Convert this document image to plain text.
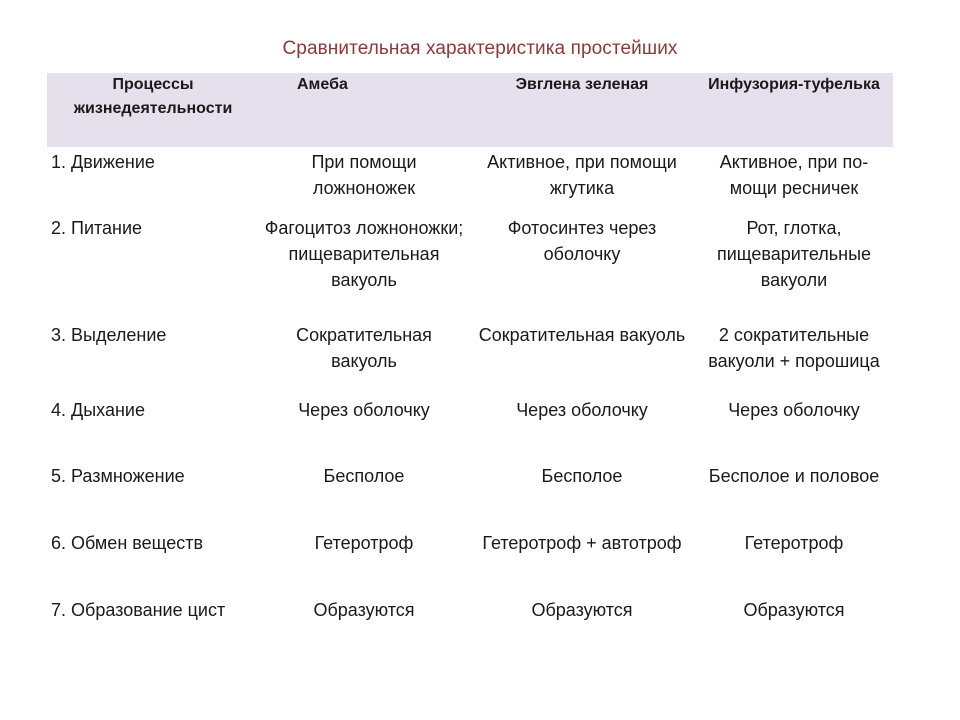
Сравнительная характеристика простейших
Процессы жизнедеятельности	Амеба	Эвглена зеленая	Инфузория-туфелька
1. Движение	При помощи ложноножек	Активное, при помощи жгутика	Активное, при по-мощи ресничек
2. Питание	Фагоцитоз ложноножки; пищеварительная вакуоль	Фотосинтез через оболочку	Рот, глотка, пищеварительные вакуоли
3. Выделение	Сократительная вакуоль	Сократительная вакуоль	2 сократительные вакуоли + порошица
4. Дыхание	Через оболочку	Через оболочку	Через оболочку
5. Размножение	Бесполое	Бесполое	Бесполое и половое
6. Обмен веществ	Гетеротроф	Гетеротроф + автотроф	Гетеротроф
7. Образование цист	Образуются	Образуются	Образуются
